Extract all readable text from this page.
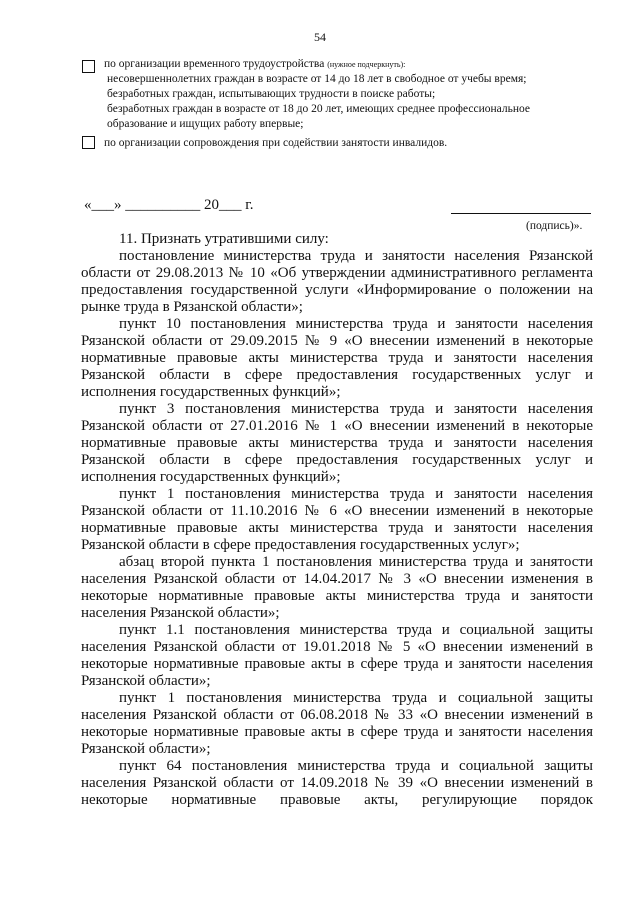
54
по организации временного трудоустройства (нужное подчеркнуть):
несовершеннолетних граждан в возрасте от 14 до 18 лет в свободное от учебы время;
безработных граждан, испытывающих трудности в поиске работы;
безработных граждан в возрасте от 18 до 20 лет, имеющих среднее профессиональное
образование и ищущих работу впервые;
по организации сопровождения при содействии занятости инвалидов.
«___» __________ 20___ г.
(подпись)».

11. Признать утратившими силу:

постановление министерства труда и занятости населения Рязанской области от 29.08.2013 № 10 «Об утверждении административного регламента предоставления государственной услуги «Информирование о положении на рынке труда в Рязанской области»;

пункт 10 постановления министерства труда и занятости населения Рязанской области от 29.09.2015 № 9 «О внесении изменений в некоторые нормативные правовые акты министерства труда и занятости населения Рязанской области в сфере предоставления государственных услуг и исполнения государственных функций»;

пункт 3 постановления министерства труда и занятости населения Рязанской области от 27.01.2016 № 1 «О внесении изменений в некоторые нормативные правовые акты министерства труда и занятости населения Рязанской области в сфере предоставления государственных услуг и исполнения государственных функций»;

пункт 1 постановления министерства труда и занятости населения Рязанской области от 11.10.2016 № 6 «О внесении изменений в некоторые нормативные правовые акты министерства труда и занятости населения Рязанской области в сфере предоставления государственных услуг»;

абзац второй пункта 1 постановления министерства труда и занятости населения Рязанской области от 14.04.2017 № 3 «О внесении изменения в некоторые нормативные правовые акты министерства труда и занятости населения Рязанской области»;

пункт 1.1 постановления министерства труда и социальной защиты населения Рязанской области от 19.01.2018 № 5 «О внесении изменений в некоторые нормативные правовые акты в сфере труда и занятости населения Рязанской области»;

пункт 1 постановления министерства труда и социальной защиты населения Рязанской области от 06.08.2018 № 33 «О внесении изменений в некоторые нормативные правовые акты в сфере труда и занятости населения Рязанской области»;

пункт 64 постановления министерства труда и социальной защиты населения Рязанской области от 14.09.2018 № 39 «О внесении изменений в некоторые нормативные правовые акты, регулирующие порядок
